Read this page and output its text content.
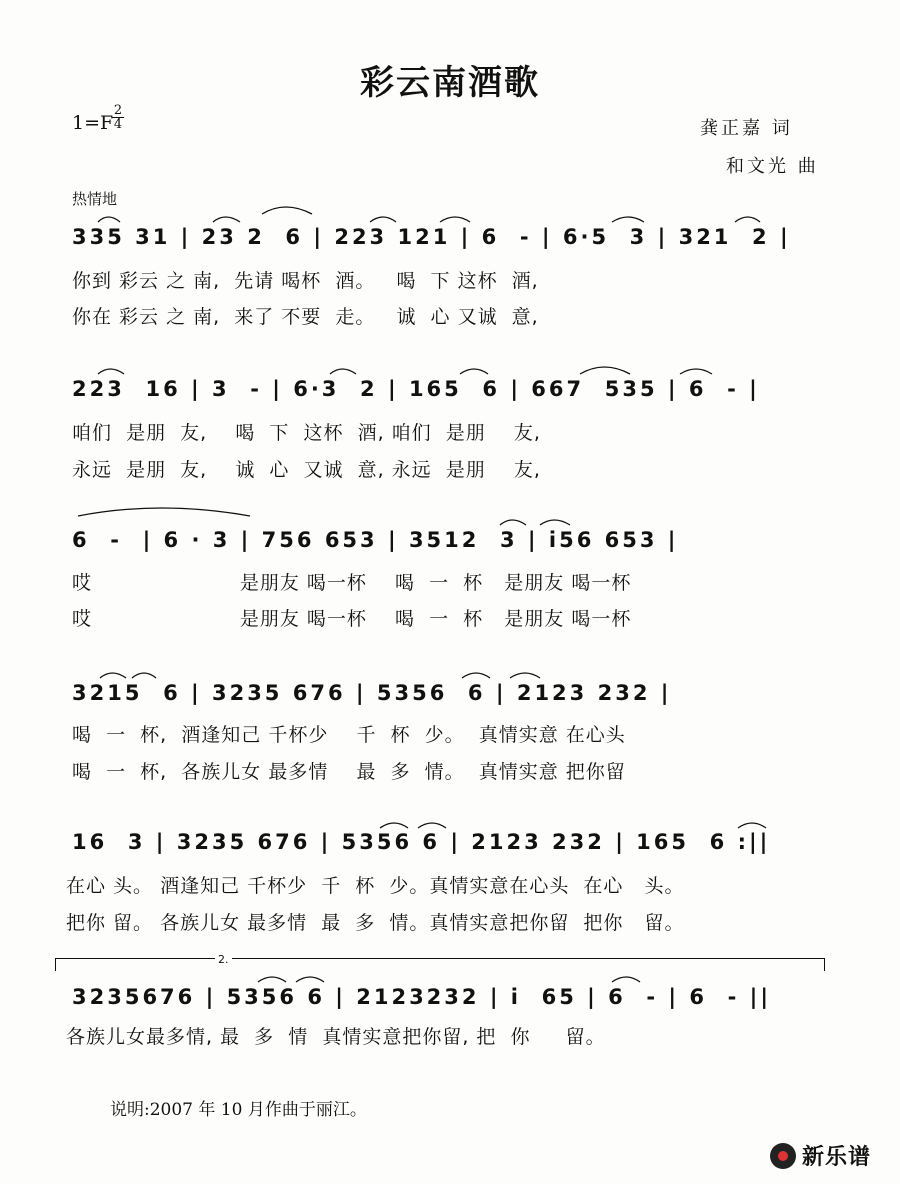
彩云南酒歌
1=F
$\frac{2}{4}$	龚正嘉 词
和文光 曲
热情地
335 31 | 23 2  6 | 223 121 | 6  - | 6·5  3 | 321  2 |
你到 彩云 之 南,  先请 喝杯  酒。   喝  下 这杯  酒,
你在 彩云 之 南,  来了 不要  走。   诚  心 又诚  意,
223  16 | 3  - | 6·3  2 | 165  6 | 667  535 | 6  - |
咱们  是朋  友,    喝  下  这杯  酒, 咱们  是朋    友,
永远  是朋  友,    诚  心  又诚  意, 永远  是朋    友,
6  -  | 6 · 3 | 756 653 | 3512  3 | i56 653 |
哎                     是朋友 喝一杯    喝  一  杯   是朋友 喝一杯
哎                     是朋友 喝一杯    喝  一  杯   是朋友 喝一杯
3215  6 | 3235 676 | 5356  6 | 2123 232 |
喝  一  杯,  酒逢知己 千杯少    千  杯  少。  真情实意 在心头
喝  一  杯,  各族儿女 最多情    最  多  情。  真情实意 把你留
16  3 | 3235 676 | 5356 6 | 2123 232 | 165  6 :||
在心 头。 酒逢知己 千杯少  千  杯  少。真情实意在心头  在心   头。
把你 留。 各族儿女 最多情  最  多  情。真情实意把你留  把你   留。
2.
3235676 | 5356 6 | 2123232 | i  65 | 6  - | 6  - ||
各族儿女最多情, 最  多  情  真情实意把你留, 把  你     留。
说明:2007 年 10 月作曲于丽江。
新乐谱
